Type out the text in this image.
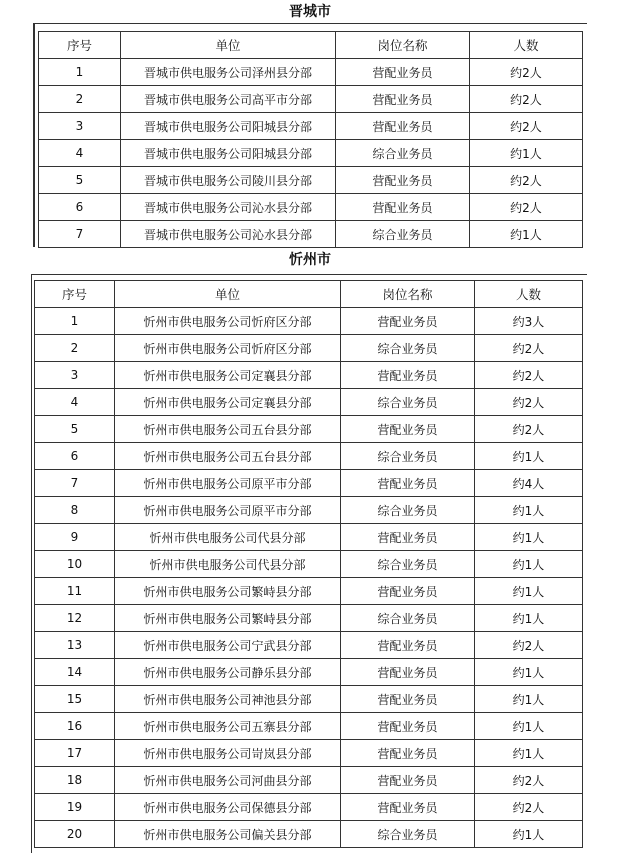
晋城市
序号	单位	岗位名称	人数
1	晋城市供电服务公司泽州县分部	营配业务员	约2人
2	晋城市供电服务公司高平市分部	营配业务员	约2人
3	晋城市供电服务公司阳城县分部	营配业务员	约2人
4	晋城市供电服务公司阳城县分部	综合业务员	约1人
5	晋城市供电服务公司陵川县分部	营配业务员	约2人
6	晋城市供电服务公司沁水县分部	营配业务员	约2人
7	晋城市供电服务公司沁水县分部	综合业务员	约1人
忻州市
序号	单位	岗位名称	人数
1	忻州市供电服务公司忻府区分部	营配业务员	约3人
2	忻州市供电服务公司忻府区分部	综合业务员	约2人
3	忻州市供电服务公司定襄县分部	营配业务员	约2人
4	忻州市供电服务公司定襄县分部	综合业务员	约2人
5	忻州市供电服务公司五台县分部	营配业务员	约2人
6	忻州市供电服务公司五台县分部	综合业务员	约1人
7	忻州市供电服务公司原平市分部	营配业务员	约4人
8	忻州市供电服务公司原平市分部	综合业务员	约1人
9	忻州市供电服务公司代县分部	营配业务员	约1人
10	忻州市供电服务公司代县分部	综合业务员	约1人
11	忻州市供电服务公司繁峙县分部	营配业务员	约1人
12	忻州市供电服务公司繁峙县分部	综合业务员	约1人
13	忻州市供电服务公司宁武县分部	营配业务员	约2人
14	忻州市供电服务公司静乐县分部	营配业务员	约1人
15	忻州市供电服务公司神池县分部	营配业务员	约1人
16	忻州市供电服务公司五寨县分部	营配业务员	约1人
17	忻州市供电服务公司岢岚县分部	营配业务员	约1人
18	忻州市供电服务公司河曲县分部	营配业务员	约2人
19	忻州市供电服务公司保德县分部	营配业务员	约2人
20	忻州市供电服务公司偏关县分部	综合业务员	约1人
